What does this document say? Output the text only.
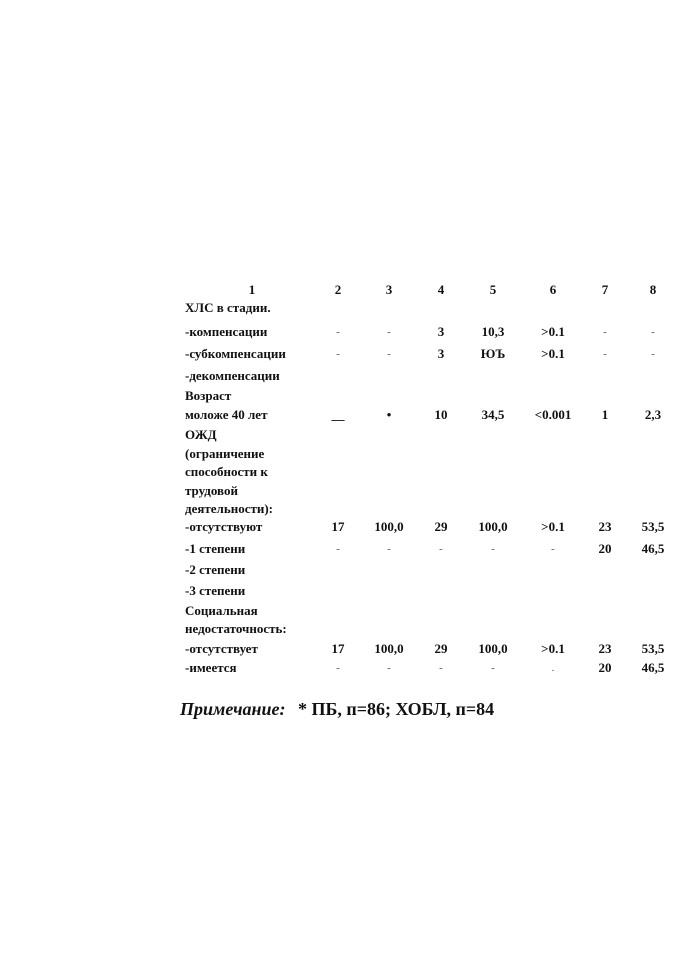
1	2	3	4	5	6	7	8
ХЛС в стадии.
-компенсации	-	-	3	10,3	>0.1	-	-
-субкомпенсации	-	-	3	ЮЪ	>0.1	-	-
-декомпенсации
Возраст
моложе 40 лет	__	•	10	34,5	<0.001	1	2,3
ОЖД
(ограничение
способности к
трудовой
деятельности):
-отсутствуют	17	100,0	29	100,0	>0.1	23	53,5
-1 степени	-	-	-	-	-	20	46,5
-2 степени
-3 степени
Социальная
недостаточность:
-отсутствует	17	100,0	29	100,0	>0.1	23	53,5
-имеется	-	-	-	-	.	20	46,5
Примечание: * ПБ, п=86; ХОБЛ, п=84
